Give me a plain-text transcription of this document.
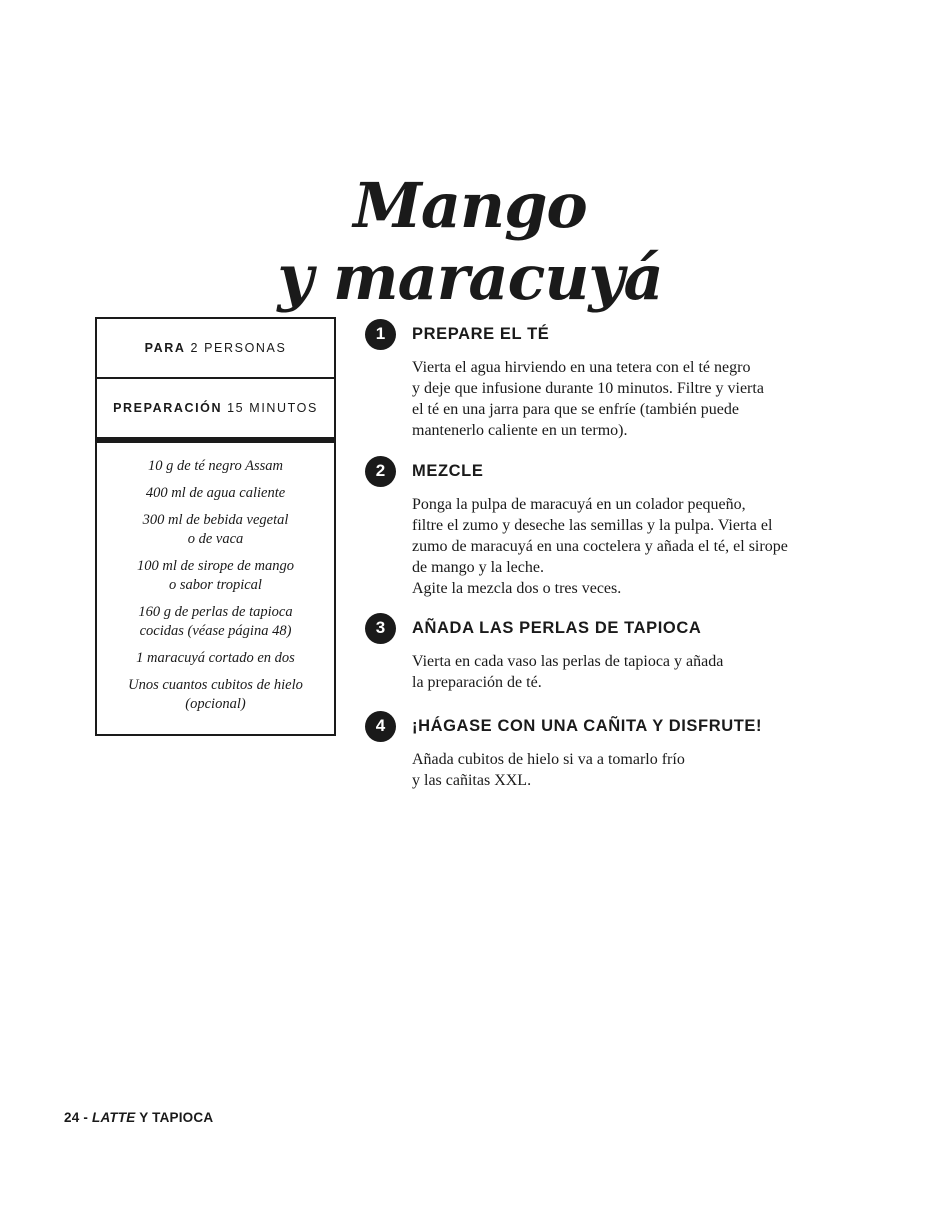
Mango
y maracuyá
PARA 2 PERSONAS
PREPARACIÓN 15 MINUTOS
10 g de té negro Assam
400 ml de agua caliente
300 ml de bebida vegetal
o de vaca
100 ml de sirope de mango
o sabor tropical
160 g de perlas de tapioca
cocidas (véase página 48)
1 maracuyá cortado en dos
Unos cuantos cubitos de hielo
(opcional)
1	PREPARE EL TÉ
Vierta el agua hirviendo en una tetera con el té negro
y deje que infusione durante 10 minutos. Filtre y vierta
el té en una jarra para que se enfríe (también puede
mantenerlo caliente en un termo).
2	MEZCLE
Ponga la pulpa de maracuyá en un colador pequeño,
filtre el zumo y deseche las semillas y la pulpa. Vierta el
zumo de maracuyá en una coctelera y añada el té, el sirope
de mango y la leche.
Agite la mezcla dos o tres veces.
3	AÑADA LAS PERLAS DE TAPIOCA
Vierta en cada vaso las perlas de tapioca y añada
la preparación de té.
4	¡HÁGASE CON UNA CAÑITA Y DISFRUTE!
Añada cubitos de hielo si va a tomarlo frío
y las cañitas XXL.
24 - LATTE Y TAPIOCA
